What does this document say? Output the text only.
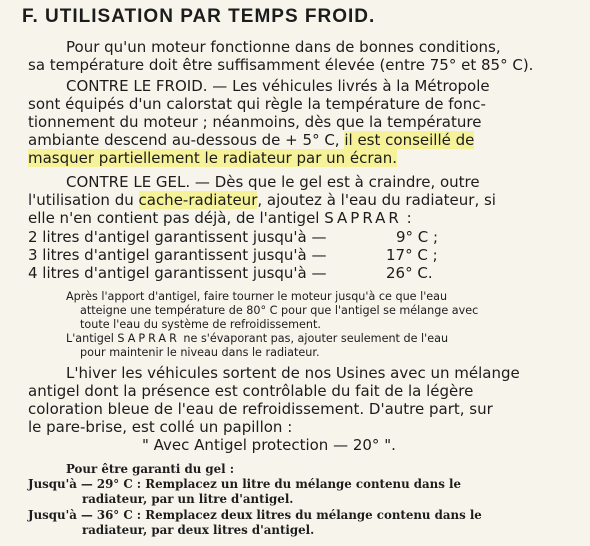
F. UTILISATION PAR TEMPS FROID.
Pour qu'un moteur fonctionne dans de bonnes conditions,
sa température doit être suffisamment élevée (entre 75° et 85° C).
CONTRE LE FROID. — Les véhicules livrés à la Métropole
sont équipés d'un calorstat qui règle la température de fonc-
tionnement du moteur ; néanmoins, dès que la température
ambiante descend au-dessous de + 5° C, il est conseillé de
masquer partiellement le radiateur par un écran.
CONTRE LE GEL. — Dès que le gel est à craindre, outre
l'utilisation du cache-radiateur, ajoutez à l'eau du radiateur, si
elle n'en contient pas déjà, de l'antigel SAPRAR :
2 litres d'antigel garantissent jusqu'à —	9° C ;
3 litres d'antigel garantissent jusqu'à —	17° C ;
4 litres d'antigel garantissent jusqu'à —	26° C.
Après l'apport d'antigel, faire tourner le moteur jusqu'à ce que l'eau
atteigne une température de 80° C pour que l'antigel se mélange avec
toute l'eau du système de refroidissement.
L'antigel SAPRAR ne s'évaporant pas, ajouter seulement de l'eau
pour maintenir le niveau dans le radiateur.
L'hiver les véhicules sortent de nos Usines avec un mélange
antigel dont la présence est contrôlable du fait de la légère
coloration bleue de l'eau de refroidissement. D'autre part, sur
le pare-brise, est collé un papillon :
" Avec Antigel protection — 20° ".
Pour être garanti du gel :
Jusqu'à — 29° C : Remplacez un litre du mélange contenu dans le
radiateur, par un litre d'antigel.
Jusqu'à — 36° C : Remplacez deux litres du mélange contenu dans le
radiateur, par deux litres d'antigel.
